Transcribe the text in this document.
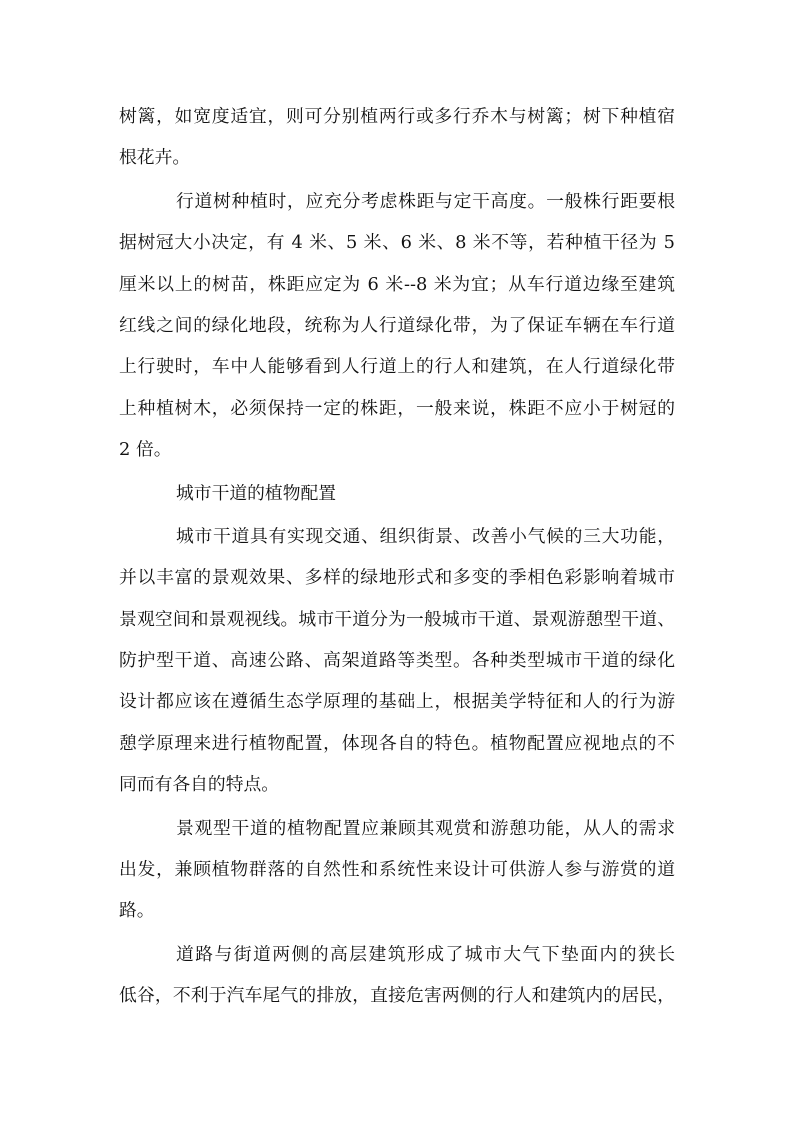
树篱，如宽度适宜，则可分别植两行或多行乔木与树篱；树下种植宿
根花卉。
行道树种植时，应充分考虑株距与定干高度。一般株行距要根
据树冠大小决定，有 4 米、5 米、6 米、8 米不等，若种植干径为 5
厘米以上的树苗，株距应定为 6 米--8 米为宜；从车行道边缘至建筑
红线之间的绿化地段，统称为人行道绿化带，为了保证车辆在车行道
上行驶时，车中人能够看到人行道上的行人和建筑，在人行道绿化带
上种植树木，必须保持一定的株距，一般来说，株距不应小于树冠的
2 倍。
城市干道的植物配置
城市干道具有实现交通、组织街景、改善小气候的三大功能，
并以丰富的景观效果、多样的绿地形式和多变的季相色彩影响着城市
景观空间和景观视线。城市干道分为一般城市干道、景观游憩型干道、
防护型干道、高速公路、高架道路等类型。各种类型城市干道的绿化
设计都应该在遵循生态学原理的基础上，根据美学特征和人的行为游
憩学原理来进行植物配置，体现各自的特色。植物配置应视地点的不
同而有各自的特点。
景观型干道的植物配置应兼顾其观赏和游憩功能，从人的需求
出发，兼顾植物群落的自然性和系统性来设计可供游人参与游赏的道
路。
道路与街道两侧的高层建筑形成了城市大气下垫面内的狭长
低谷，不利于汽车尾气的排放，直接危害两侧的行人和建筑内的居民，
